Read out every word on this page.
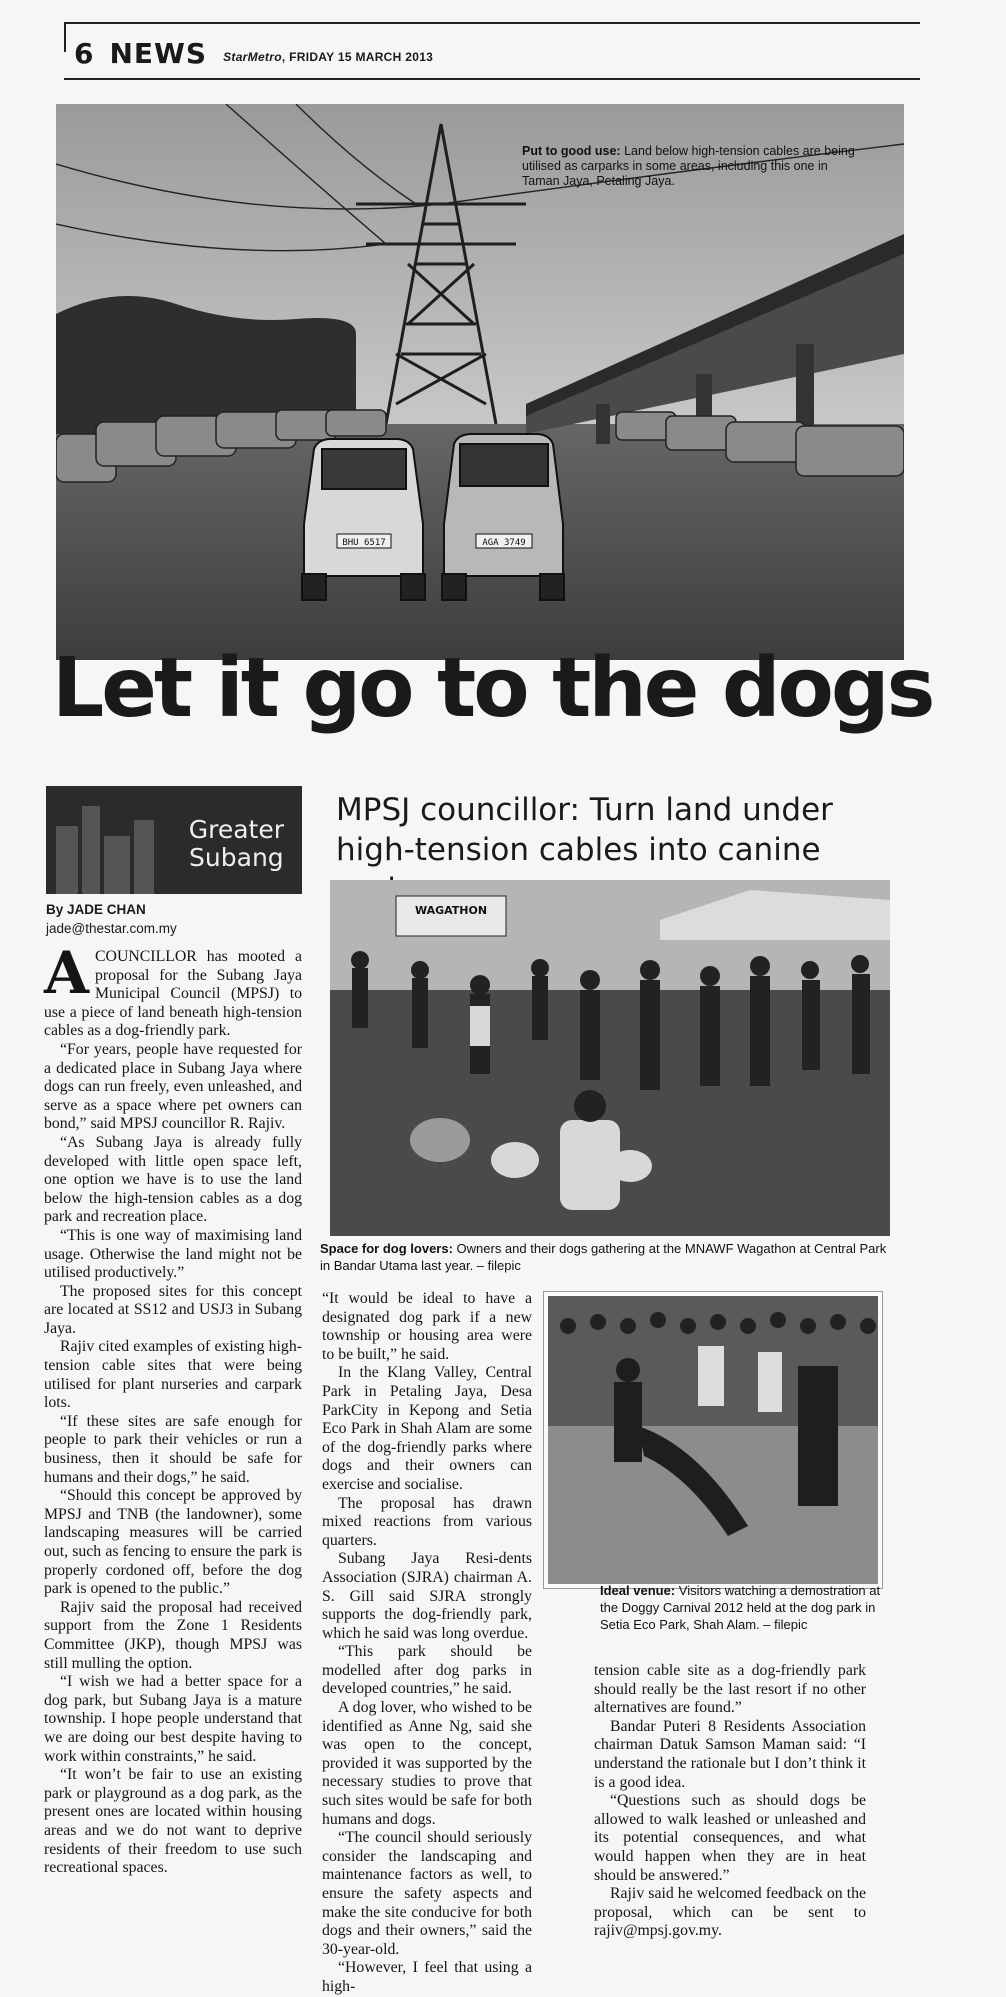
6 NEWS StarMetro, FRIDAY 15 MARCH 2013
BHU 6517	AGA 3749
Put to good use: Land below high-tension cables are being utilised as carparks in some areas, including this one in Taman Jaya, Petaling Jaya.
Let it go to the dogs
Greater
Subang
MPSJ councillor: Turn land under high-tension cables into canine
By JADE CHAN
jade@thestar.com.my
WAGATHON
Space for dog lovers: Owners and their dogs gathering at the MNAWF Wagathon at Central Park in Bandar Utama last year. – filepic
Ideal venue: Visitors watching a demostration at the Doggy Carnival 2012 held at the dog park in Setia Eco Park, Shah Alam. – filepic

A COUNCILLOR has mooted a proposal for the Subang Jaya Municipal Council (MPSJ) to use a piece of land beneath high-tension cables as a dog-friendly park.

“For years, people have requested for a dedicated place in Subang Jaya where dogs can run freely, even unleashed, and serve as a space where pet owners can bond,” said MPSJ councillor R. Rajiv.

“As Subang Jaya is already fully developed with little open space left, one option we have is to use the land below the high-tension cables as a dog park and recreation place.

“This is one way of maximising land usage. Otherwise the land might not be utilised productively.”

The proposed sites for this concept are located at SS12 and USJ3 in Subang Jaya.

Rajiv cited examples of existing high-tension cable sites that were being utilised for plant nurseries and carpark lots.

“If these sites are safe enough for people to park their vehicles or run a business, then it should be safe for humans and their dogs,” he said.

“Should this concept be approved by MPSJ and TNB (the landowner), some landscaping measures will be carried out, such as fencing to ensure the park is properly cordoned off, before the dog park is opened to the public.”

Rajiv said the proposal had received support from the Zone 1 Residents Committee (JKP), though MPSJ was still mulling the option.

“I wish we had a better space for a dog park, but Subang Jaya is a mature township. I hope people understand that we are doing our best despite having to work within constraints,” he said.

“It won’t be fair to use an existing park or playground as a dog park, as the present ones are located within housing areas and we do not want to deprive residents of their freedom to use such recreational spaces.

“It would be ideal to have a designated dog park if a new township or housing area were to be built,” he said.

In the Klang Valley, Central Park in Petaling Jaya, Desa ParkCity in Kepong and Setia Eco Park in Shah Alam are some of the dog-friendly parks where dogs and their owners can exercise and socialise.

The proposal has drawn mixed reactions from various quarters.

Subang Jaya Resi-dents Association (SJRA) chairman A. S. Gill said SJRA strongly supports the dog-friendly park, which he said was long overdue.

“This park should be modelled after dog parks in developed countries,” he said.

A dog lover, who wished to be identified as Anne Ng, said she was open to the concept, provided it was supported by the necessary studies to prove that such sites would be safe for both humans and dogs.

“The council should seriously consider the landscaping and maintenance factors as well, to ensure the safety aspects and make the site conducive for both dogs and their owners,” said the 30-year-old.

“However, I feel that using a high-

tension cable site as a dog-friendly park should really be the last resort if no other alternatives are found.”

Bandar Puteri 8 Residents Association chairman Datuk Samson Maman said: “I understand the rationale but I don’t think it is a good idea.

“Questions such as should dogs be allowed to walk leashed or unleashed and its potential consequences, and what would happen when they are in heat should be answered.”

Rajiv said he welcomed feedback on the proposal, which can be sent to rajiv@mpsj.gov.my.
